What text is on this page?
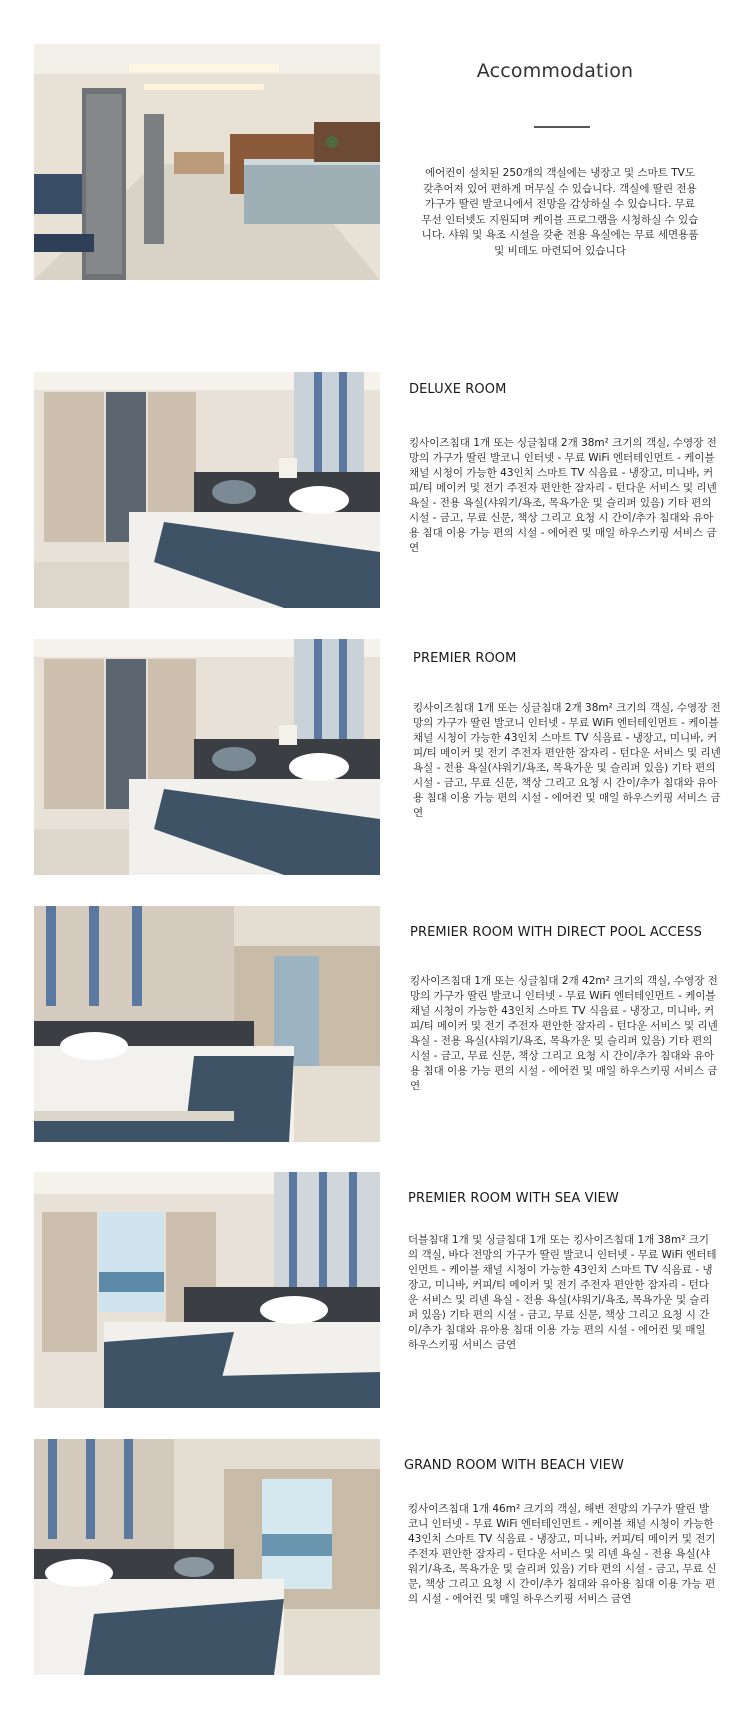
Accommodation
에어컨이 설치된 250개의 객실에는 냉장고 및 스마트 TV도 갖추어져 있어 편하게 머무실 수 있습니다. 객실에 딸린 전용 가구가 딸린 발코니에서 전망을 감상하실 수 있습니다. 무료 무선 인터넷도 지원되며 케이블 프로그램을 시청하실 수 있습니다. 샤워 및 욕조 시설을 갖춘 전용 욕실에는 무료 세면용품 및 비데도 마련되어 있습니다
DELUXE ROOM
킹사이즈침대 1개 또는 싱글침대 2개 38m² 크기의 객실, 수영장 전망의 가구가 딸린 발코니 인터넷 - 무료 WiFi 엔터테인먼트 - 케이블 채널 시청이 가능한 43인치 스마트 TV 식음료 - 냉장고, 미니바, 커피/티 메이커 및 전기 주전자 편안한 잠자리 - 턴다운 서비스 및 리넨 욕실 - 전용 욕실(샤워기/욕조, 목욕가운 및 슬리퍼 있음) 기타 편의 시설 - 금고, 무료 신문, 책상 그리고 요청 시 간이/추가 침대와 유아용 침대 이용 가능 편의 시설 - 에어컨 및 매일 하우스키핑 서비스 금연
PREMIER ROOM
킹사이즈침대 1개 또는 싱글침대 2개 38m² 크기의 객실, 수영장 전망의 가구가 딸린 발코니 인터넷 - 무료 WiFi 엔터테인먼트 - 케이블 채널 시청이 가능한 43인치 스마트 TV 식음료 - 냉장고, 미니바, 커피/티 메이커 및 전기 주전자 편안한 잠자리 - 턴다운 서비스 및 리넨 욕실 - 전용 욕실(샤워기/욕조, 목욕가운 및 슬리퍼 있음) 기타 편의 시설 - 금고, 무료 신문, 책상 그리고 요청 시 간이/추가 침대와 유아용 침대 이용 가능 편의 시설 - 에어컨 및 매일 하우스키핑 서비스 금연
PREMIER ROOM WITH DIRECT POOL ACCESS
킹사이즈침대 1개 또는 싱글침대 2개 42m² 크기의 객실, 수영장 전망의 가구가 딸린 발코니 인터넷 - 무료 WiFi 엔터테인먼트 - 케이블 채널 시청이 가능한 43인치 스마트 TV 식음료 - 냉장고, 미니바, 커피/티 메이커 및 전기 주전자 편안한 잠자리 - 턴다운 서비스 및 리넨 욕실 - 전용 욕실(샤워기/욕조, 목욕가운 및 슬리퍼 있음) 기타 편의 시설 - 금고, 무료 신문, 책상 그리고 요청 시 간이/추가 침대와 유아용 침대 이용 가능 편의 시설 - 에어컨 및 매일 하우스키핑 서비스 금연
PREMIER ROOM WITH SEA VIEW
더블침대 1개 및 싱글침대 1개 또는 킹사이즈침대 1개 38m² 크기의 객실, 바다 전망의 가구가 딸린 발코니 인터넷 - 무료 WiFi 엔터테인먼트 - 케이블 채널 시청이 가능한 43인치 스마트 TV 식음료 - 냉장고, 미니바, 커피/티 메이커 및 전기 주전자 편안한 잠자리 - 턴다운 서비스 및 리넨 욕실 - 전용 욕실(샤워기/욕조, 목욕가운 및 슬리퍼 있음) 기타 편의 시설 - 금고, 무료 신문, 책상 그리고 요청 시 간이/추가 침대와 유아용 침대 이용 가능 편의 시설 - 에어컨 및 매일 하우스키핑 서비스 금연
GRAND ROOM WITH BEACH VIEW
킹사이즈침대 1개 46m² 크기의 객실, 해변 전망의 가구가 딸린 발코니 인터넷 - 무료 WiFi 엔터테인먼트 - 케이블 채널 시청이 가능한 43인치 스마트 TV 식음료 - 냉장고, 미니바, 커피/티 메이커 및 전기 주전자 편안한 잠자리 - 턴다운 서비스 및 리넨 욕실 - 전용 욕실(샤워기/욕조, 목욕가운 및 슬리퍼 있음) 기타 편의 시설 - 금고, 무료 신문, 책상 그리고 요청 시 간이/추가 침대와 유아용 침대 이용 가능 편의 시설 - 에어컨 및 매일 하우스키핑 서비스 금연
